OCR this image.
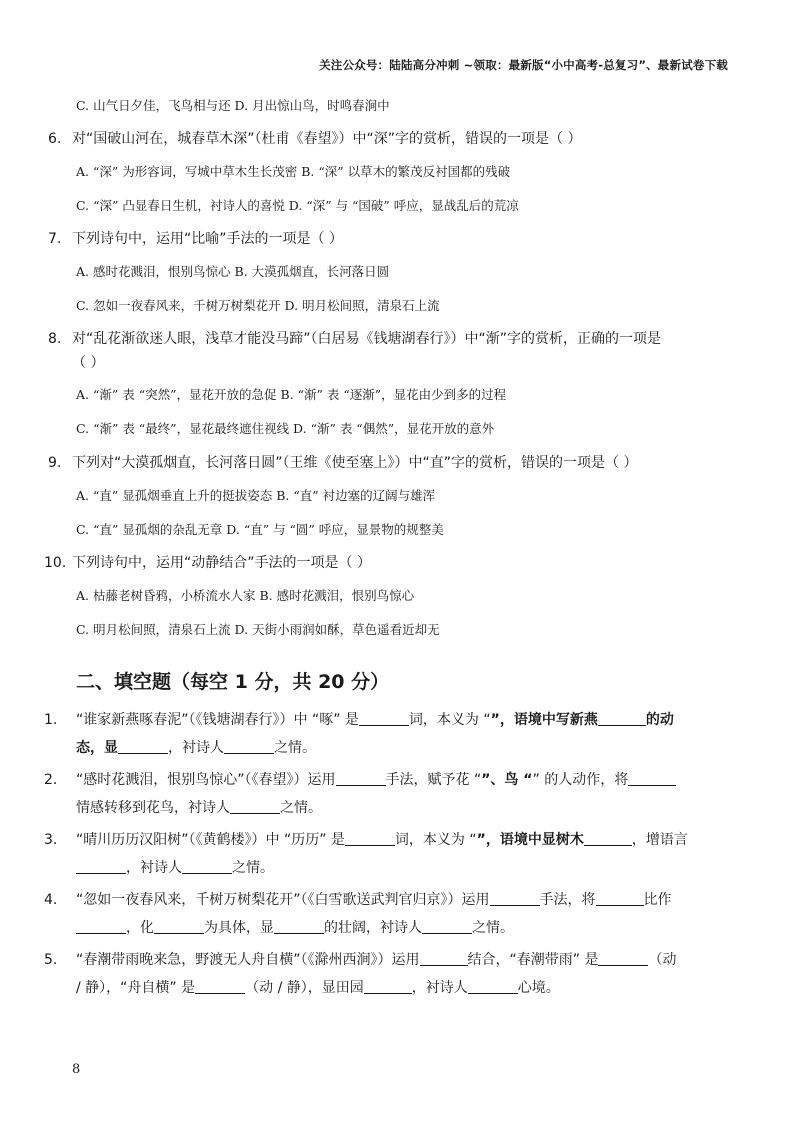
关注公众号：陆陆高分冲刺 ~领取：最新版“小中高考-总复习”、最新试卷下载
C. 山气日夕佳，飞鸟相与还 D. 月出惊山鸟，时鸣春涧中
6. 对“国破山河在，城春草木深”（杜甫《春望》）中“深”字的赏析，错误的一项是（ ）
A. “深” 为形容词，写城中草木生长茂密 B. “深” 以草木的繁茂反衬国都的残破
C. “深” 凸显春日生机，衬诗人的喜悦 D. “深” 与 “国破” 呼应，显战乱后的荒凉
7. 下列诗句中，运用“比喻”手法的一项是（ ）
A. 感时花溅泪，恨别鸟惊心 B. 大漠孤烟直，长河落日圆
C. 忽如一夜春风来，千树万树梨花开 D. 明月松间照，清泉石上流
8. 对“乱花渐欲迷人眼，浅草才能没马蹄”（白居易《钱塘湖春行》）中“渐”字的赏析，正确的一项是
（ ）
A. “渐” 表 “突然”，显花开放的急促 B. “渐” 表 “逐渐”，显花由少到多的过程
C. “渐” 表 “最终”，显花最终遮住视线 D. “渐” 表 “偶然”，显花开放的意外
9. 下列对“大漠孤烟直，长河落日圆”（王维《使至塞上》）中“直”字的赏析，错误的一项是（ ）
A. “直” 显孤烟垂直上升的挺拔姿态 B. “直” 衬边塞的辽阔与雄浑
C. “直” 显孤烟的杂乱无章 D. “直” 与 “圆” 呼应，显景物的规整美
10. 下列诗句中，运用“动静结合”手法的一项是（ ）
A. 枯藤老树昏鸦，小桥流水人家 B. 感时花溅泪，恨别鸟惊心
C. 明月松间照，清泉石上流 D. 天街小雨润如酥，草色遥看近却无
二、填空题（每空 1 分，共 20 分）
1. “谁家新燕啄春泥”（《钱塘湖春行》）中 “啄” 是	词，本义为 “”，语境中写新燕	的动
态，显	，衬诗人	之情。
2. “感时花溅泪，恨别鸟惊心”（《春望》）运用	手法，赋予花 “”、鸟 “” 的人动作，将
情感转移到花鸟，衬诗人	之情。
3. “晴川历历汉阳树”（《黄鹤楼》）中 “历历” 是	词，本义为 “”，语境中显树木	，增语言
，衬诗人	之情。
4. “忽如一夜春风来，千树万树梨花开”（《白雪歌送武判官归京》）运用	手法，将	比作
，化	为具体，显	的壮阔，衬诗人	之情。
5. “春潮带雨晚来急，野渡无人舟自横”（《滁州西涧》）运用	结合，“春潮带雨” 是	（动
/ 静），“舟自横” 是	（动 / 静），显田园	，衬诗人	心境。
8
